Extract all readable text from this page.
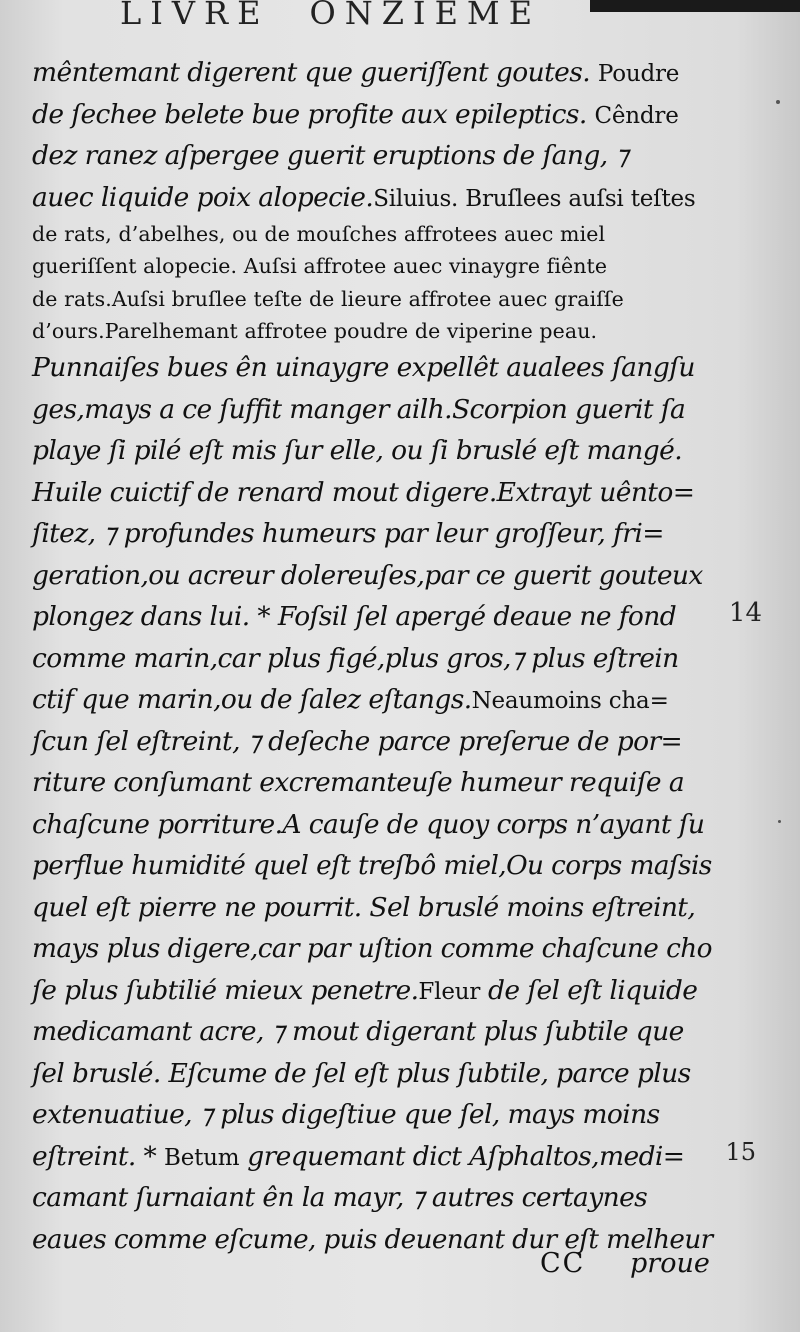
LIVRE ONZIEME
mêntemant digerent que gueriſſent goutes. Poudre
de ſechee belete bue profite aux epileptics. Cêndre
dez ranez aſpergee guerit eruptions de ſang, ⁊
auec liquide poix alopecie.Siluius. Bruſlees auſsi teſtes
de rats, d’abelhes, ou de mouſches affrotees auec miel
gueriſſent alopecie. Auſsi affrotee auec vinaygre fiênte
de rats.Auſsi bruſlee teſte de lieure affrotee auec graiſſe
d’ours.Parelhemant affrotee poudre de viperine peau.
Punnaiſes bues ên uinaygre expellêt aualees ſangſu
ges,mays a ce ſuffit manger ailh.Scorpion guerit ſa
playe ſi pilé eſt mis ſur elle, ou ſi bruslé eſt mangé.
Huile cuictif de renard mout digere.Extrayt uênto=
ſitez, ⁊ profundes humeurs par leur groſſeur, fri=
geration,ou acreur dolereuſes,par ce guerit gouteux
plongez dans lui. * Foſsil ſel apergé deaue ne fond
comme marin,car plus figé,plus gros,⁊ plus eſtrein
ctif que marin,ou de ſalez eſtangs.Neaumoins cha=
ſcun ſel eſtreint, ⁊ deſeche parce preſerue de por=
riture conſumant excremanteuſe humeur requiſe a
chaſcune porriture.A cauſe de quoy corps n’ayant ſu
perflue humidité quel eſt treſbô miel,Ou corps maſsis
quel eſt pierre ne pourrit. Sel bruslé moins eſtreint,
mays plus digere,car par uſtion comme chaſcune cho
ſe plus ſubtilié mieux penetre.Fleur de ſel eſt liquide
medicamant acre, ⁊ mout digerant plus ſubtile que
ſel bruslé. Eſcume de ſel eſt plus ſubtile, parce plus
extenuatiue, ⁊ plus digeſtiue que ſel, mays moins
eſtreint. * Betum grequemant dict Aſphaltos,medi=
camant ſurnaiant ên la mayr, ⁊ autres certaynes
eaues comme eſcume, puis deuenant dur eſt melheur
14
15
CC proue
